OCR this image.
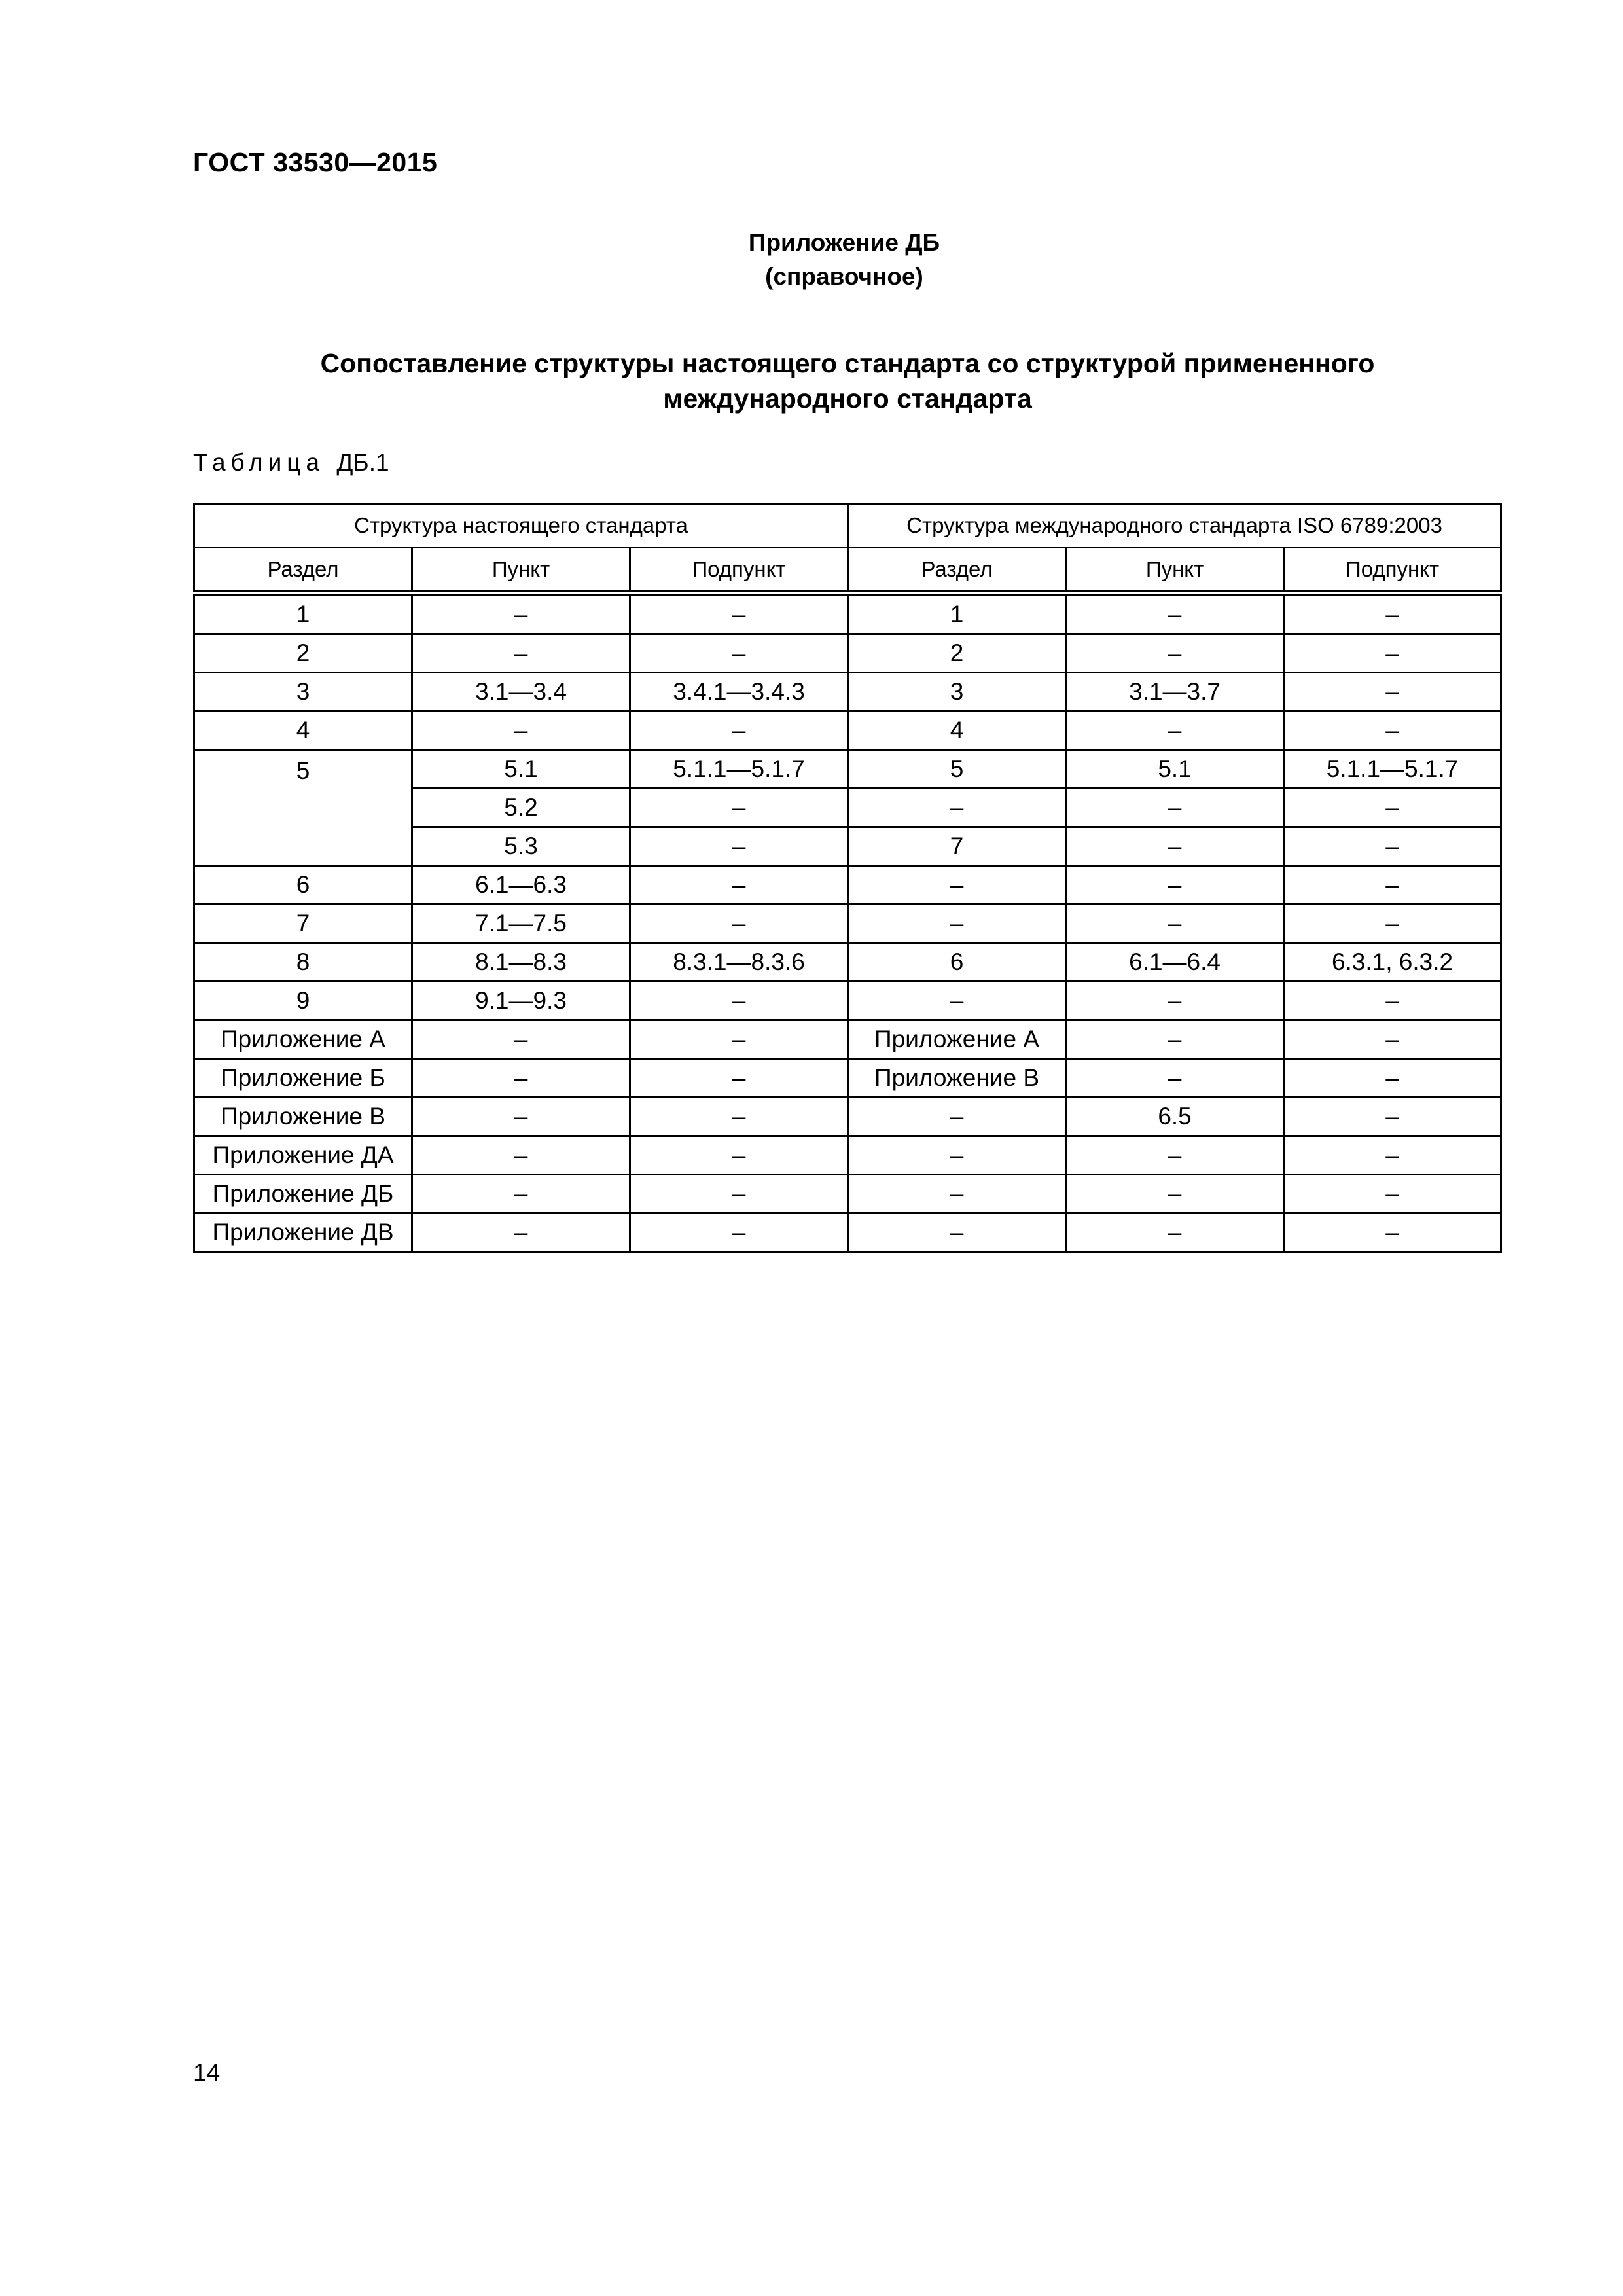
ГОСТ 33530—2015
Приложение ДБ
(справочное)
Сопоставление структуры настоящего стандарта со структурой примененного
международного стандарта
Таблица ДБ.1
Структура настоящего стандарта			Структура международного стандарта ISO 6789:2003		
Раздел	Пункт	Подпункт	Раздел	Пункт	Подпункт
1	–	–	1	–	–
2	–	–	2	–	–
3	3.1—3.4	3.4.1—3.4.3	3	3.1—3.7	–
4	–	–	4	–	–
5	5.1	5.1.1—5.1.7	5	5.1	5.1.1—5.1.7
	5.2	–	–	–	–
	5.3	–	7	–	–
6	6.1—6.3	–	–	–	–
7	7.1—7.5	–	–	–	–
8	8.1—8.3	8.3.1—8.3.6	6	6.1—6.4	6.3.1, 6.3.2
9	9.1—9.3	–	–	–	–
Приложение А	–	–	Приложение А	–	–
Приложение Б	–	–	Приложение В	–	–
Приложение В	–	–	–	6.5	–
Приложение ДА	–	–	–	–	–
Приложение ДБ	–	–	–	–	–
Приложение ДВ	–	–	–	–	–
14
